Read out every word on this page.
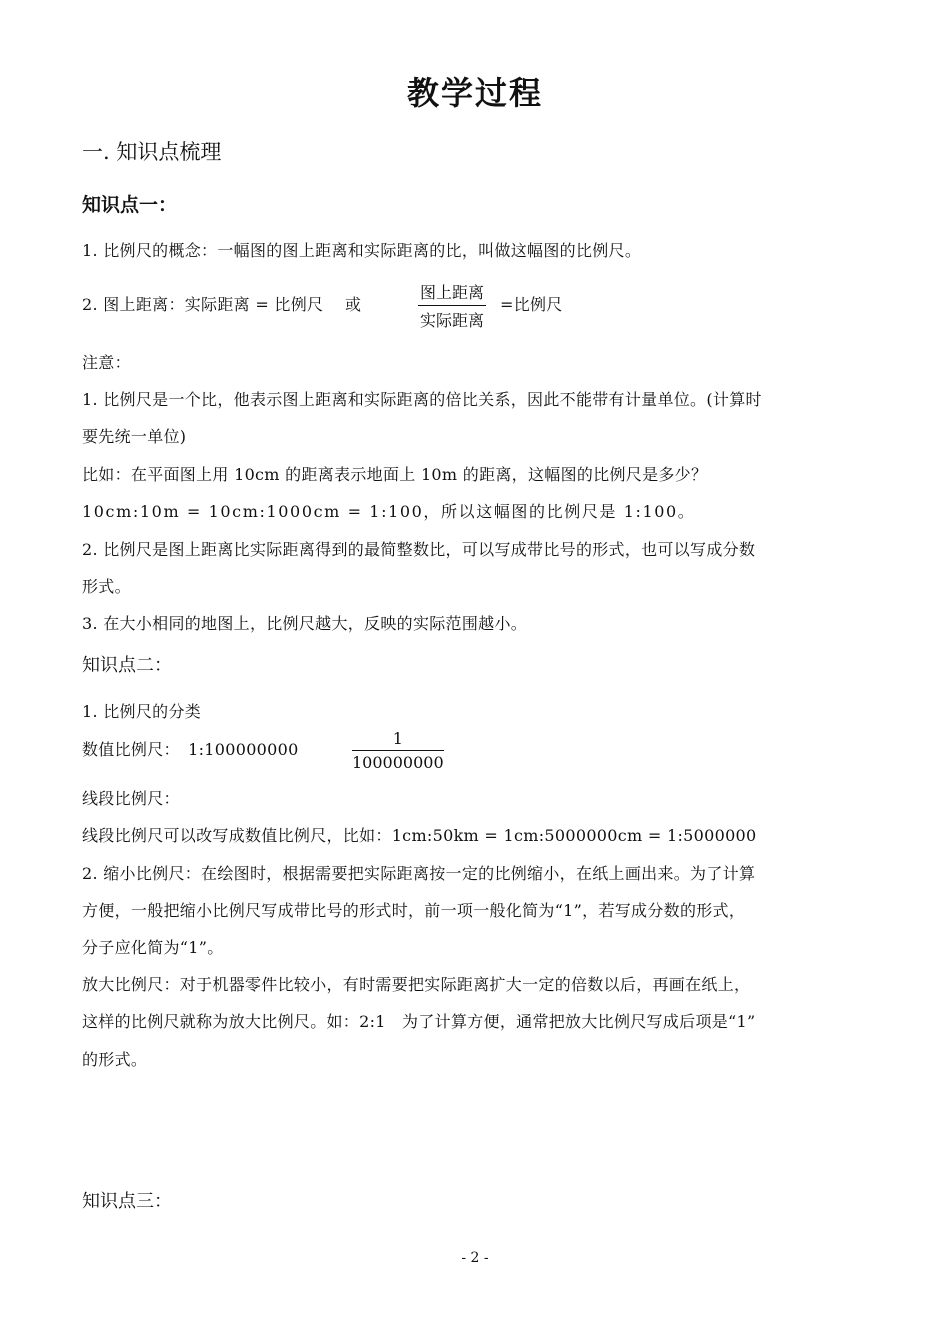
教学过程
一. 知识点梳理
知识点一：
1. 比例尺的概念：一幅图的图上距离和实际距离的比，叫做这幅图的比例尺。
2. 图上距离：实际距离 = 比例尺　 或
图上距离
实际距离
=比例尺
注意：
1. 比例尺是一个比，他表示图上距离和实际距离的倍比关系，因此不能带有计量单位。(计算时
要先统一单位)
比如：在平面图上用 10cm 的距离表示地面上 10m 的距离，这幅图的比例尺是多少？
10cm:10m = 10cm:1000cm = 1:100，所以这幅图的比例尺是 1:100。
2. 比例尺是图上距离比实际距离得到的最简整数比，可以写成带比号的形式，也可以写成分数
形式。
3. 在大小相同的地图上，比例尺越大，反映的实际范围越小。
知识点二：
1. 比例尺的分类
数值比例尺：　1:100000000
1
100000000
线段比例尺：
线段比例尺可以改写成数值比例尺，比如：1cm:50km = 1cm:5000000cm = 1:5000000
2. 缩小比例尺：在绘图时，根据需要把实际距离按一定的比例缩小，在纸上画出来。为了计算
方便，一般把缩小比例尺写成带比号的形式时，前一项一般化简为“1”，若写成分数的形式，
分子应化简为“1”。
放大比例尺：对于机器零件比较小，有时需要把实际距离扩大一定的倍数以后，再画在纸上，
这样的比例尺就称为放大比例尺。如：2:1　为了计算方便，通常把放大比例尺写成后项是“1”
的形式。
知识点三：
- 2 -
